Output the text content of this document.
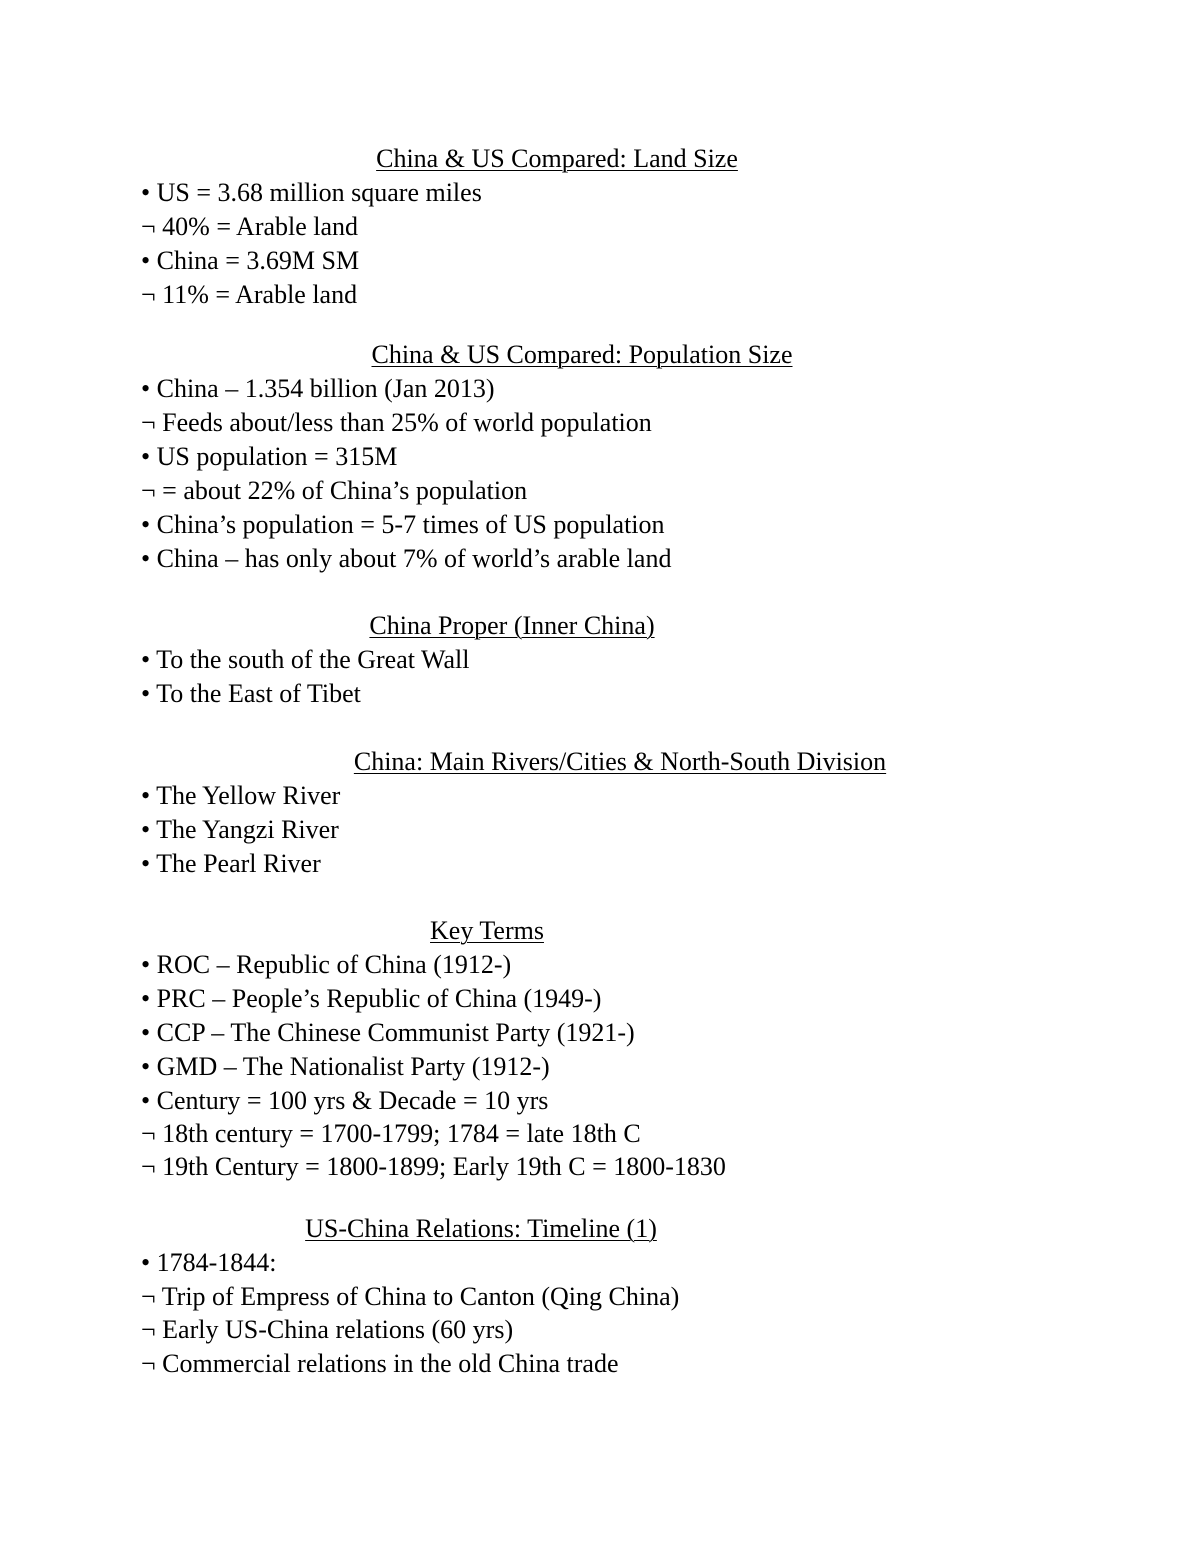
China & US Compared: Land Size
• US = 3.68 million square miles
¬ 40% = Arable land
• China = 3.69M SM
¬ 11% = Arable land
China & US Compared: Population Size
• China – 1.354 billion (Jan 2013)
¬ Feeds about/less than 25% of world population
• US population = 315M
¬ = about 22% of China’s population
• China’s population = 5-7 times of US population
• China – has only about 7% of world’s arable land
China Proper (Inner China)
• To the south of the Great Wall
• To the East of Tibet
China: Main Rivers/Cities & North-South Division
• The Yellow River
• The Yangzi River
• The Pearl River
Key Terms
• ROC – Republic of China (1912-)
• PRC – People’s Republic of China (1949-)
• CCP – The Chinese Communist Party (1921-)
• GMD – The Nationalist Party (1912-)
• Century = 100 yrs & Decade = 10 yrs
¬ 18th century = 1700-1799; 1784 = late 18th C
¬ 19th Century = 1800-1899; Early 19th C = 1800-1830
US-China Relations: Timeline (1)
• 1784-1844:
¬ Trip of Empress of China to Canton (Qing China)
¬ Early US-China relations (60 yrs)
¬ Commercial relations in the old China trade
